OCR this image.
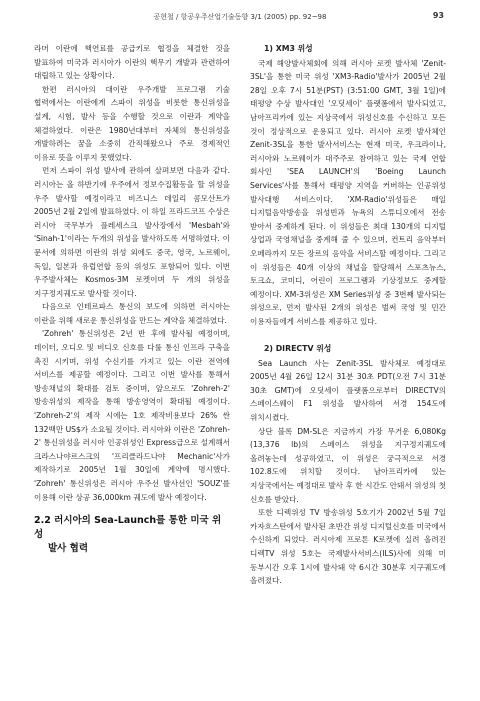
공현철 / 항공우주산업기술동향 3/1 (2005) pp. 92~98	93

라머 이란에 핵연료를 공급키로 협정을 체결한 것을 발표하여 미국과 러시아가 이란의 핵무기 개발과 관련하여 대립하고 있는 상황이다.

한편 러시아의 대이란 우주개발 프로그램 기술 협력에서는 이란에게 스파이 위성을 비롯한 통신위성을 설계, 시험, 발사 등을 수행할 것으로 이란과 계약을 체결하였다. 이란은 1980년대부터 자체의 통신위성을 개발하려는 꿈을 소중히 간직해왔으나 주로 경제적인 이유로 뜻을 이루지 못했었다.

먼저 스파이 위성 발사에 관하여 살펴보면 다음과 같다. 러시아는 올 하반기에 우주에서 정보수집활동을 할 위성을 우주 발사할 예정이라고 비즈니스 데일리 콤모산트가 2005년 2월 2일에 발표하였다. 이 하일 프라드코프 수상은 러시아 국무부가 플레세스크 발사장에서 'Mesbah'와 'Sinah-1'이라는 두개의 위성을 발사하도록 서명하였다. 이 문서에 의하면 이란의 위성 외에도 중국, 영국, 노르웨이, 독일, 일본과 유럽연합 등의 위성도 포함되어 있다. 이번 우주발사체는 Kosmos-3M 로켓이며 두 개의 위성을 지구정지궤도로 발사할 것이다.

다음으로 인테르파스 통신의 보도에 의하면 러시아는 이란을 위해 새로운 통신위성을 만드는 계약을 체결하였다.

'Zohreh' 통신위성은 2년 반 후에 발사될 예정이며, 데이터, 오디오 및 비디오 신호를 다룰 통신 인프라 구축을 촉진 시키며, 위성 수신기를 가지고 있는 이란 전역에 서비스를 제공할 예정이다. 그리고 이번 발사를 통해서 방송채널의 확대를 검토 중이며, 앞으로도 'Zohreh-2' 방송위성의 제작을 통해 방송영역이 확대될 예정이다. 'Zohreh-2'의 제작 시에는 1호 제작비용보다 26% 싼 132백만 US$가 소요될 것이다. 러시아와 이란은 'Zohreh-2' 통신위성을 러시아 인공위성인 Express급으로 설계해서 크라스나야르스크의 '프리클라드나야 Mechanic'사가 제작하기로 2005년 1월 30일에 계약에 명시했다. 'Zohreh' 통신위성은 러시아 우주선 발사선인 'SOUZ'를 이용해 이란 상공 36,000km 궤도에 발사 예정이다.

2.2 러시아의 Sea-Launch를 통한 미국 위성
발사 협력
1) XM3 위성

국제 해양발사체회에 의해 러시아 로켓 발사체 'Zenit-3SL'을 통한 미국 위성 'XM3-Radio'발사가 2005년 2월 28일 오후 7시 51분(PST) (3:51:00 GMT, 3월 1일)에 태평양 수상 발사대인 '오딧세이' 플랫폼에서 발사되었고, 남아프리카에 있는 지상국에서 위성신호를 수신하고 모든 것이 정상적으로 운용되고 있다. 러시아 로켓 발사체인 Zenit-3SL을 통한 발사서비스는 현재 미국, 우크라이나, 러시아와 노르웨이가 대주주로 참여하고 있는 국제 연합 회사인 'SEA LAUNCH'의 'Boeing Launch Services'사를 통해서 태평양 지역을 커버하는 인공위성 발사대행 서비스이다. 'XM-Radio'위성들은 매일 디지털음악방송을 위성빈과 뉴욕의 스튜디오에서 전송 받아서 중계하게 된다. 이 위성들은 최대 130개의 디지털 상업과 국영채널을 중계해 줄 수 있으며, 컨트리 음악부터 오페라까지 모든 장르의 음악을 서비스할 예정이다. 그리고 이 위성들은 40개 이상의 채널을 할당해서 스포츠뉴스, 토크쇼, 코미디, 어린이 프로그램과 기상정보도 중계할 예정이다. XM-3위성은 XM Series위성 중 3번째 발사되는 위성으로, 먼저 발사된 2개의 위성은 벌써 국영 및 민간 이용자들에게 서비스를 제공하고 있다.

2) DIRECTV 위성

Sea Launch 사는 Zenit-3SL 발사체로 예정대로 2005년 4월 26일 12시 31분 30초 PDT(오전 7시 31분 30초 GMT)에 오딧세이 플랫폼으로부터 DIRECTV의 스페이스웨이 F1 위성을 발사하여 서경 154도에 위치시켰다.

상단 블록 DM-SL은 지금까지 가장 무거운 6,080Kg (13,376 lb)의 스페이스 위성을 지구정지궤도에 올려놓는데 성공하였고, 이 위성은 궁극적으로 서경 102.8도에 위치할 것이다. 남아프리카에 있는 지상국에서는 예정대로 발사 후 한 시간도 안돼서 위성의 첫 신호를 받았다.

또한 디렉위성 TV 방송위성 5호기가 2002년 5월 7일 카자흐스탄에서 발사된 초반간 위성 디지털신호를 미국에서 수신하게 되었다. 러시아제 프로톤 K로켓에 실려 올려진 디렉TV 위성 5호는 국제발사서비스(ILS)사에 의해 미 동부시간 오후 1시에 발사돼 약 6시간 30분후 지구궤도에 올려졌다.
